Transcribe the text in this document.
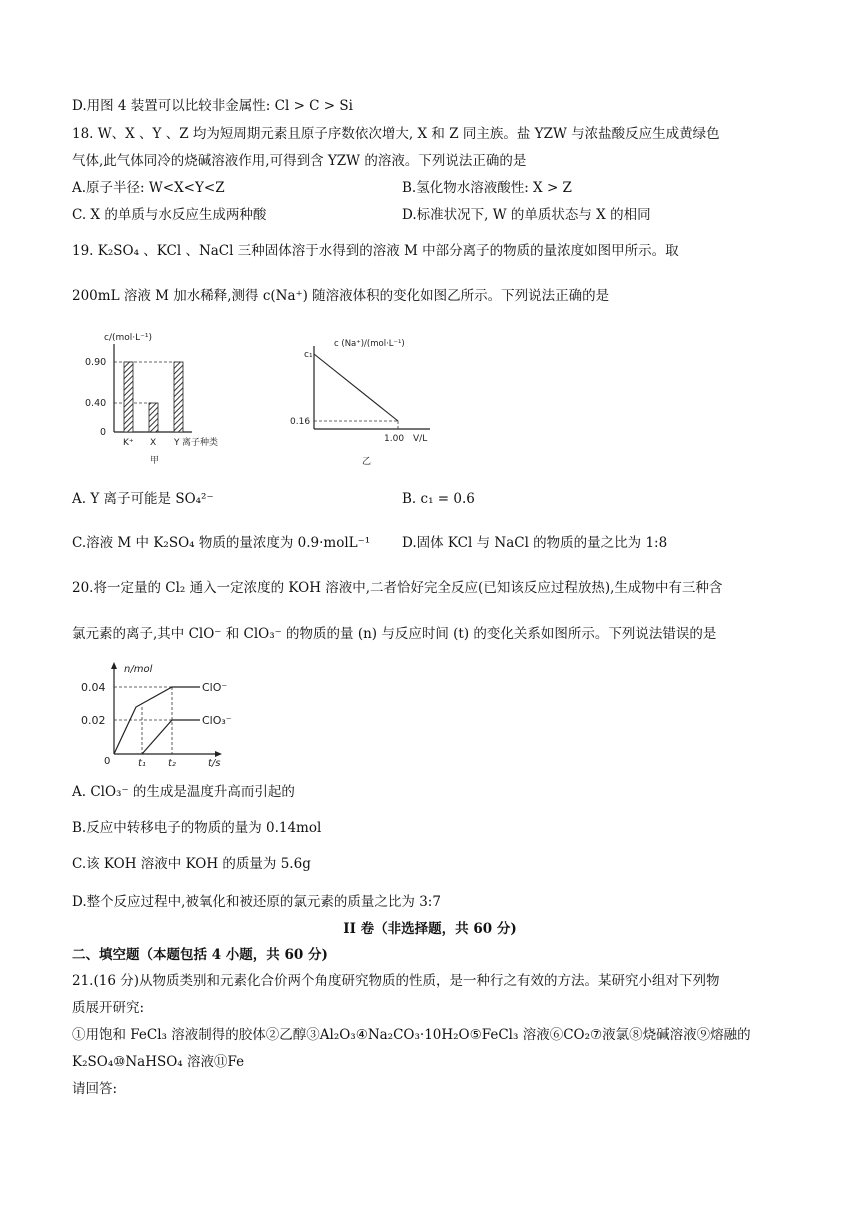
D.用图 4 装置可以比较非金属性: Cl > C > Si
18. W、X 、Y 、Z 均为短周期元素且原子序数依次增大, X 和 Z 同主族。盐 YZW 与浓盐酸反应生成黄绿色
气体,此气体同冷的烧碱溶液作用,可得到含 YZW 的溶液。下列说法正确的是
A.原子半径: W<X<Y<Z	B.氢化物水溶液酸性: X > Z
C. X 的单质与水反应生成两种酸	D.标准状况下, W 的单质状态与 X 的相同
19. K₂SO₄ 、KCl 、NaCl 三种固体溶于水得到的溶液 M 中部分离子的物质的量浓度如图甲所示。取
200mL 溶液 M 加水稀释,测得 c(Na⁺) 随溶液体积的变化如图乙所示。下列说法正确的是
c/(mol·L⁻¹)
0.90
0.40
0
K⁺ X Y 离子种类
甲
c (Na⁺)/(mol·L⁻¹)
c₁
0.16
1.00 V/L
乙
A. Y 离子可能是 SO₄²⁻	B. c₁ = 0.6
C.溶液 M 中 K₂SO₄ 物质的量浓度为 0.9·molL⁻¹ D.固体 KCl 与 NaCl 的物质的量之比为 1:8
20.将一定量的 Cl₂ 通入一定浓度的 KOH 溶液中,二者恰好完全反应(已知该反应过程放热),生成物中有三种含
氯元素的离子,其中 ClO⁻ 和 ClO₃⁻ 的物质的量 (n) 与反应时间 (t) 的变化关系如图所示。下列说法错误的是
n/mol
ClO⁻
ClO₃⁻
0.04
0.02
0	t₁ t₂	t/s
A. ClO₃⁻ 的生成是温度升高而引起的
B.反应中转移电子的物质的量为 0.14mol
C.该 KOH 溶液中 KOH 的质量为 5.6g
D.整个反应过程中,被氧化和被还原的氯元素的质量之比为 3:7
II 卷（非选择题，共 60 分)
二、填空题（本题包括 4 小题，共 60 分)
21.(16 分)从物质类别和元素化合价两个角度研究物质的性质，是一种行之有效的方法。某研究小组对下列物
质展开研究:
①用饱和 FeCl₃ 溶液制得的胶体②乙醇③Al₂O₃④Na₂CO₃·10H₂O⑤FeCl₃ 溶液⑥CO₂⑦液氯⑧烧碱溶液⑨熔融的
K₂SO₄⑩NaHSO₄ 溶液⑪Fe
请回答:
